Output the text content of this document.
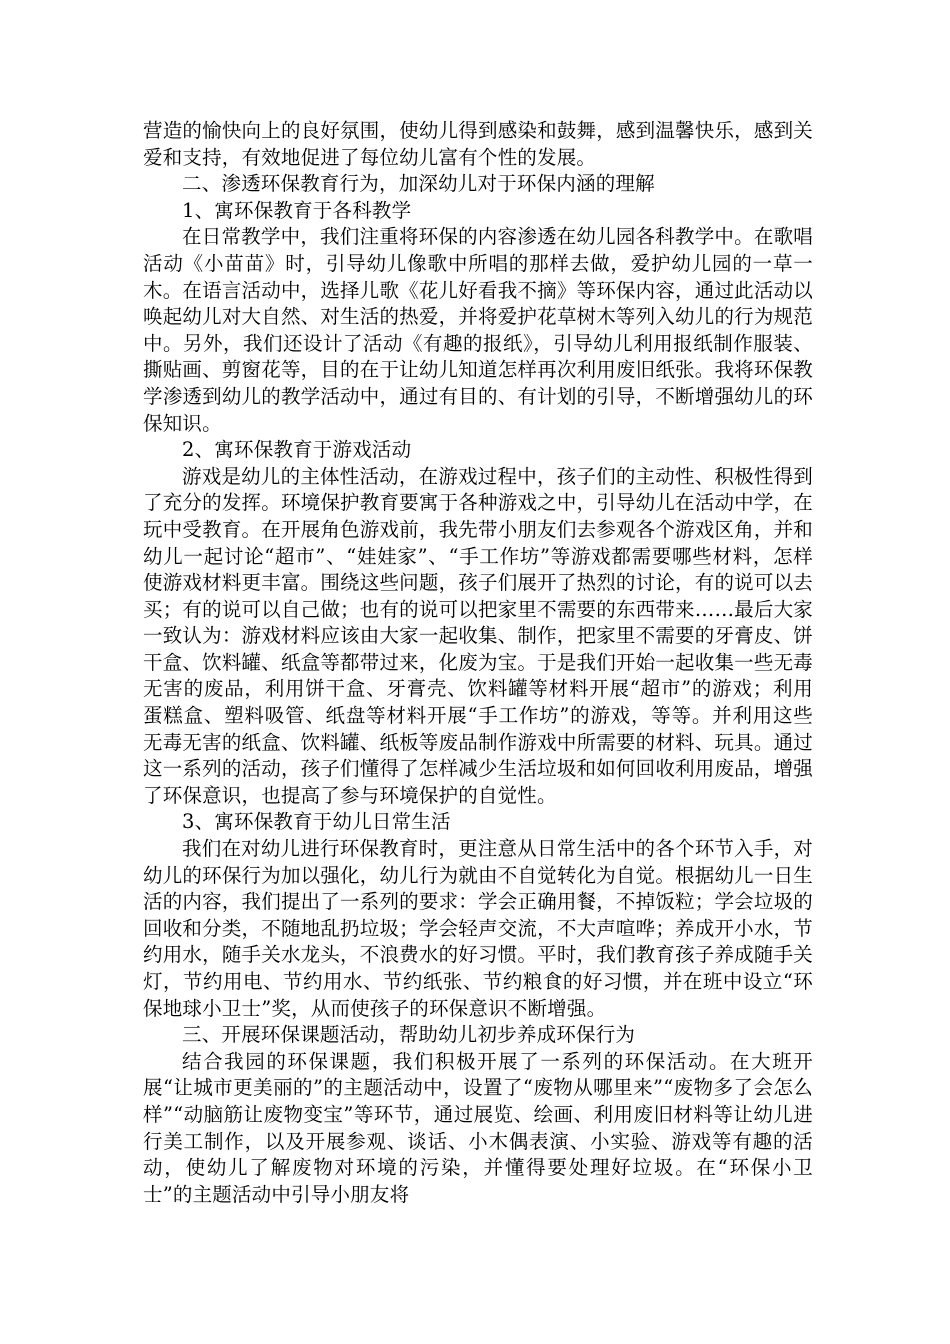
营造的愉快向上的良好氛围，使幼儿得到感染和鼓舞，感到温馨快乐，感到关爱和支持，有效地促进了每位幼儿富有个性的发展。

二、渗透环保教育行为，加深幼儿对于环保内涵的理解

1、寓环保教育于各科教学

在日常教学中，我们注重将环保的内容渗透在幼儿园各科教学中。在歌唱活动《小苗苗》时，引导幼儿像歌中所唱的那样去做，爱护幼儿园的一草一木。在语言活动中，选择儿歌《花儿好看我不摘》等环保内容，通过此活动以唤起幼儿对大自然、对生活的热爱，并将爱护花草树木等列入幼儿的行为规范中。另外，我们还设计了活动《有趣的报纸》，引导幼儿利用报纸制作服装、撕贴画、剪窗花等，目的在于让幼儿知道怎样再次利用废旧纸张。我将环保教学渗透到幼儿的教学活动中，通过有目的、有计划的引导，不断增强幼儿的环保知识。

2、寓环保教育于游戏活动

游戏是幼儿的主体性活动，在游戏过程中，孩子们的主动性、积极性得到了充分的发挥。环境保护教育要寓于各种游戏之中，引导幼儿在活动中学，在玩中受教育。在开展角色游戏前，我先带小朋友们去参观各个游戏区角，并和幼儿一起讨论“超市”、“娃娃家”、“手工作坊”等游戏都需要哪些材料，怎样使游戏材料更丰富。围绕这些问题，孩子们展开了热烈的讨论，有的说可以去买；有的说可以自己做；也有的说可以把家里不需要的东西带来……最后大家一致认为：游戏材料应该由大家一起收集、制作，把家里不需要的牙膏皮、饼干盒、饮料罐、纸盒等都带过来，化废为宝。于是我们开始一起收集一些无毒无害的废品，利用饼干盒、牙膏壳、饮料罐等材料开展“超市”的游戏；利用蛋糕盒、塑料吸管、纸盘等材料开展“手工作坊”的游戏，等等。并利用这些无毒无害的纸盒、饮料罐、纸板等废品制作游戏中所需要的材料、玩具。通过这一系列的活动，孩子们懂得了怎样减少生活垃圾和如何回收利用废品，增强了环保意识，也提高了参与环境保护的自觉性。

3、寓环保教育于幼儿日常生活

我们在对幼儿进行环保教育时，更注意从日常生活中的各个环节入手，对幼儿的环保行为加以强化，幼儿行为就由不自觉转化为自觉。根据幼儿一日生活的内容，我们提出了一系列的要求：学会正确用餐，不掉饭粒；学会垃圾的回收和分类，不随地乱扔垃圾；学会轻声交流，不大声喧哗；养成开小水，节约用水，随手关水龙头，不浪费水的好习惯。平时，我们教育孩子养成随手关灯，节约用电、节约用水、节约纸张、节约粮食的好习惯，并在班中设立“环保地球小卫士”奖，从而使孩子的环保意识不断增强。

三、开展环保课题活动，帮助幼儿初步养成环保行为

结合我园的环保课题，我们积极开展了一系列的环保活动。在大班开展“让城市更美丽的”的主题活动中，设置了“废物从哪里来”“废物多了会怎么样”“动脑筋让废物变宝”等环节，通过展览、绘画、利用废旧材料等让幼儿进行美工制作，以及开展参观、谈话、小木偶表演、小实验、游戏等有趣的活动，使幼儿了解废物对环境的污染，并懂得要处理好垃圾。在“环保小卫士”的主题活动中引导小朋友将
